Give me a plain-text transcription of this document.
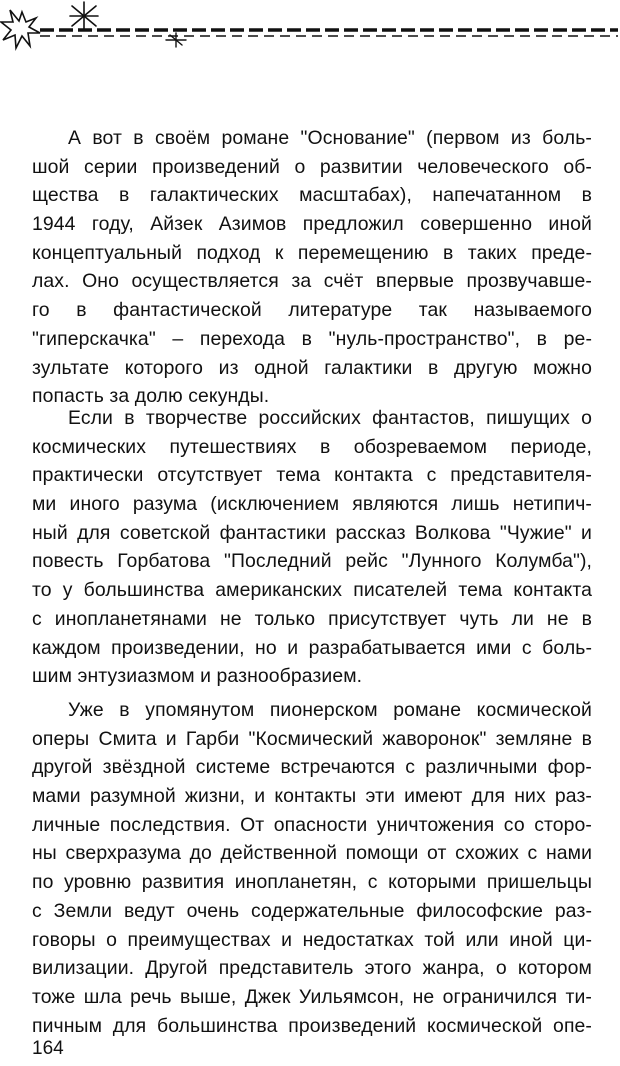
А вот в своём романе "Основание" (первом из боль-
шой серии произведений о развитии человеческого об-
щества в галактических масштабах), напечатанном в
1944 году, Айзек Азимов предложил совершенно иной
концептуальный подход к перемещению в таких преде-
лах. Оно осуществляется за счёт впервые прозвучавше-
го в фантастической литературе так называемого
"гиперскачка" – перехода в "нуль-пространство", в ре-
зультате которого из одной галактики в другую можно
попасть за долю секунды.
Если в творчестве российских фантастов, пишущих о
космических путешествиях в обозреваемом периоде,
практически отсутствует тема контакта с представителя-
ми иного разума (исключением являются лишь нетипич-
ный для советской фантастики рассказ Волкова "Чужие" и
повесть Горбатова "Последний рейс "Лунного Колумба"),
то у большинства американских писателей тема контакта
с инопланетянами не только присутствует чуть ли не в
каждом произведении, но и разрабатывается ими с боль-
шим энтузиазмом и разнообразием.
Уже в упомянутом пионерском романе космической
оперы Смита и Гарби "Космический жаворонок" земляне в
другой звёздной системе встречаются с различными фор-
мами разумной жизни, и контакты эти имеют для них раз-
личные последствия. От опасности уничтожения со сторо-
ны сверхразума до действенной помощи от схожих с нами
по уровню развития инопланетян, с которыми пришельцы
с Земли ведут очень содержательные философские раз-
говоры о преимуществах и недостатках той или иной ци-
вилизации. Другой представитель этого жанра, о котором
тоже шла речь выше, Джек Уильямсон, не ограничился ти-
пичным для большинства произведений космической опе-
164
